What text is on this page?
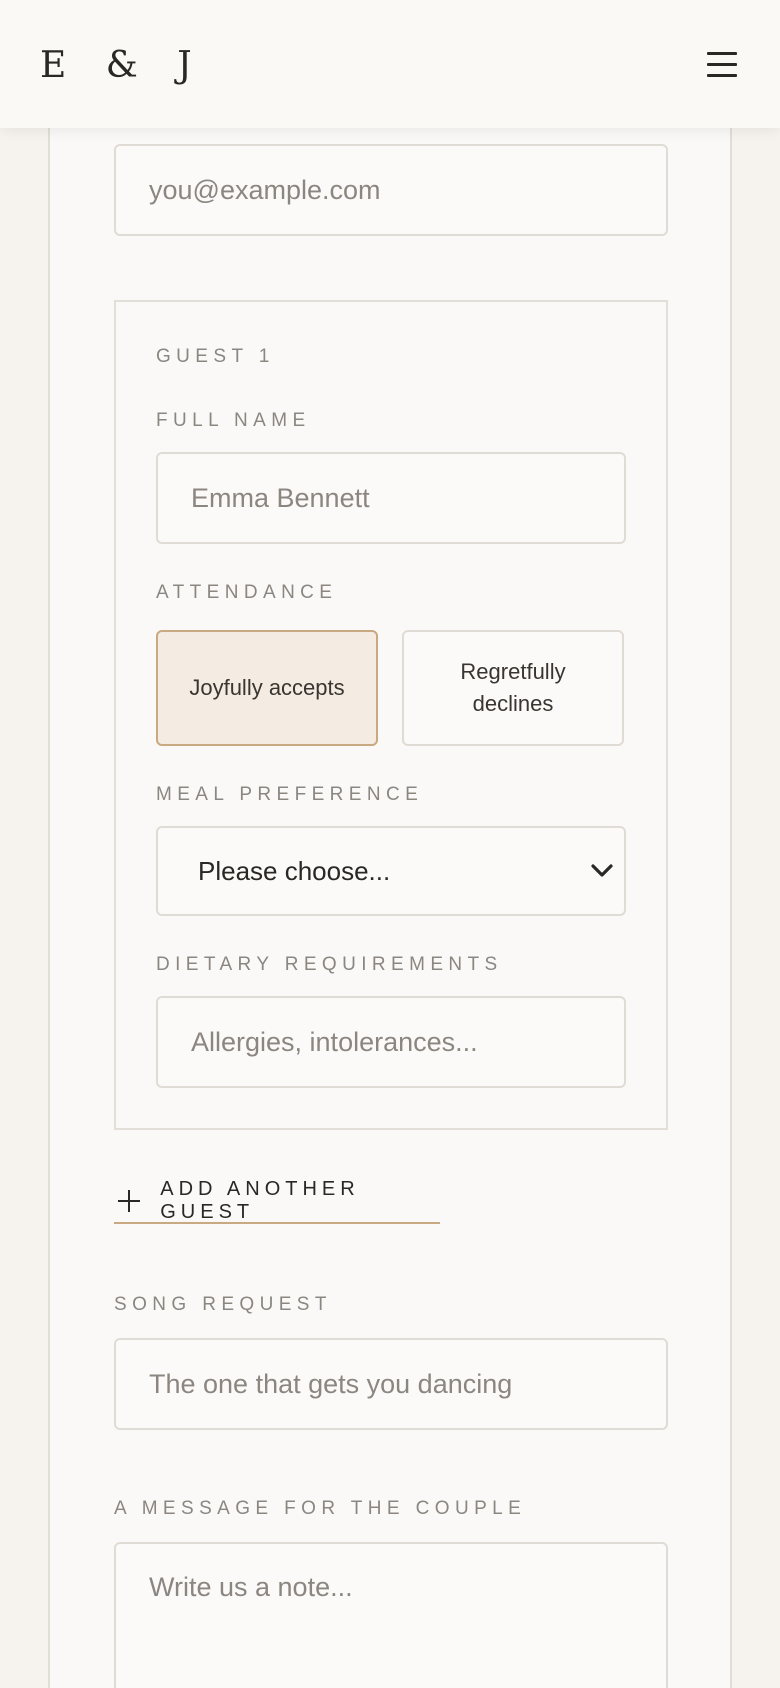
E & J
you@example.com
GUEST 1
FULL NAME
Emma Bennett
ATTENDANCE
Joyfully accepts
Regretfully declines
MEAL PREFERENCE
Please choose...
DIETARY REQUIREMENTS
Allergies, intolerances...
ADD ANOTHER GUEST
SONG REQUEST
The one that gets you dancing
A MESSAGE FOR THE COUPLE
Write us a note...
